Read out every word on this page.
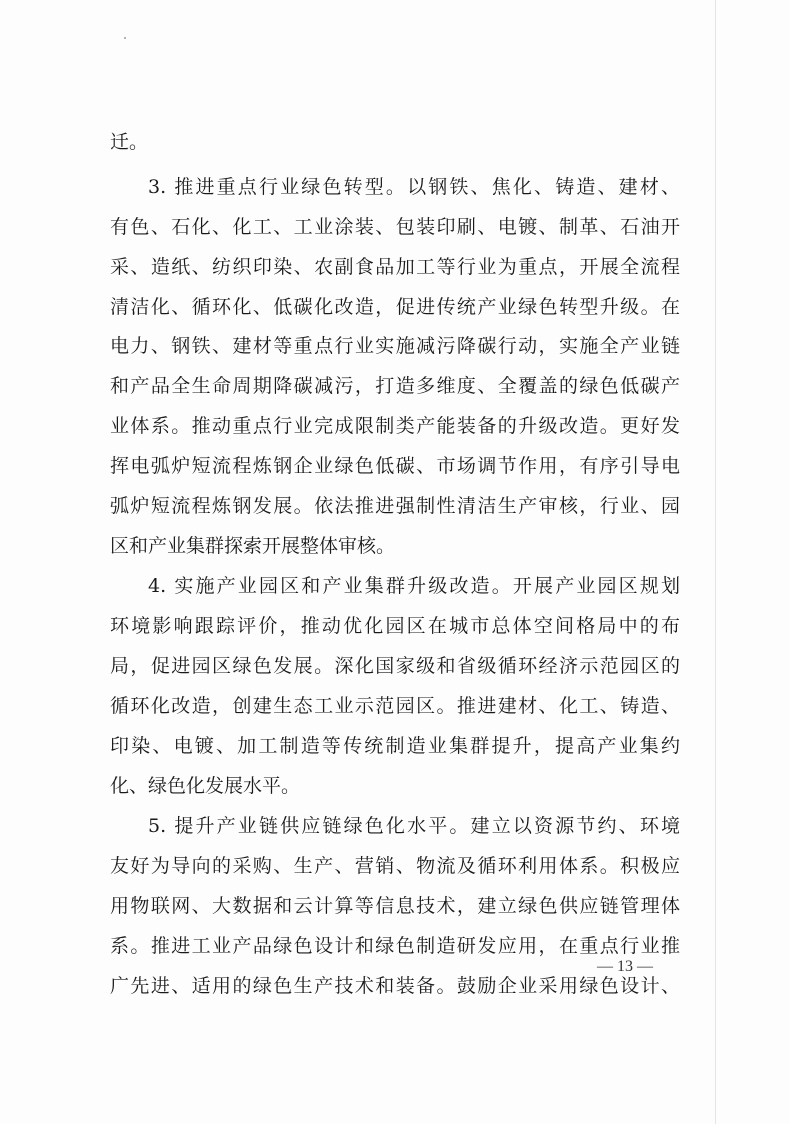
迁。
3. 推进重点行业绿色转型。以钢铁、焦化、铸造、建材、
有色、石化、化工、工业涂装、包装印刷、电镀、制革、石油开
采、造纸、纺织印染、农副食品加工等行业为重点，开展全流程
清洁化、循环化、低碳化改造，促进传统产业绿色转型升级。在
电力、钢铁、建材等重点行业实施减污降碳行动，实施全产业链
和产品全生命周期降碳减污，打造多维度、全覆盖的绿色低碳产
业体系。推动重点行业完成限制类产能装备的升级改造。更好发
挥电弧炉短流程炼钢企业绿色低碳、市场调节作用，有序引导电
弧炉短流程炼钢发展。依法推进强制性清洁生产审核，行业、园
区和产业集群探索开展整体审核。
4. 实施产业园区和产业集群升级改造。开展产业园区规划
环境影响跟踪评价，推动优化园区在城市总体空间格局中的布
局，促进园区绿色发展。深化国家级和省级循环经济示范园区的
循环化改造，创建生态工业示范园区。推进建材、化工、铸造、
印染、电镀、加工制造等传统制造业集群提升，提高产业集约
化、绿色化发展水平。
5. 提升产业链供应链绿色化水平。建立以资源节约、环境
友好为导向的采购、生产、营销、物流及循环利用体系。积极应
用物联网、大数据和云计算等信息技术，建立绿色供应链管理体
系。推进工业产品绿色设计和绿色制造研发应用，在重点行业推
广先进、适用的绿色生产技术和装备。鼓励企业采用绿色设计、
— 13 —
